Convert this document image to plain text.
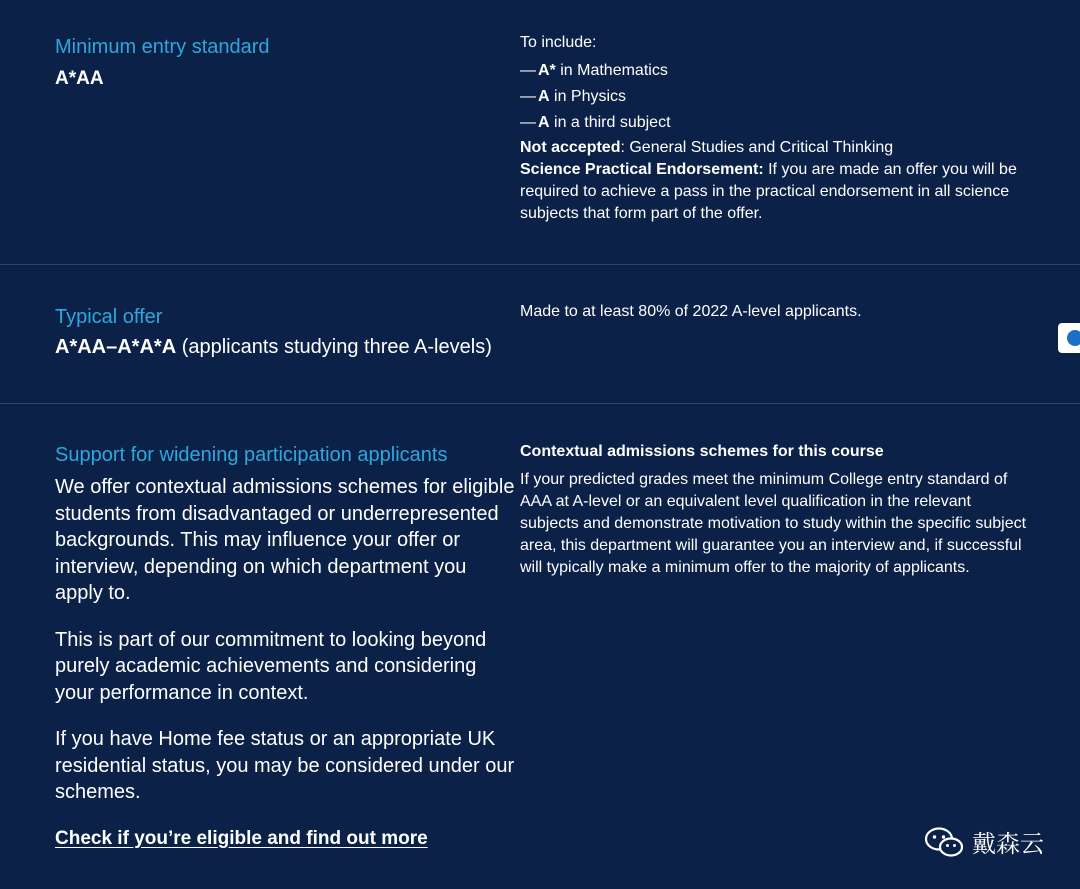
Minimum entry standard
A*AA
To include:
— A* in Mathematics
— A in Physics
— A in a third subject
Not accepted: General Studies and Critical Thinking
Science Practical Endorsement: If you are made an offer you will be required to achieve a pass in the practical endorsement in all science subjects that form part of the offer.
Typical offer
A*AA–A*A*A (applicants studying three A-levels)
Made to at least 80% of 2022 A-level applicants.
Support for widening participation applicants

We offer contextual admissions schemes for eligible students from disadvantaged or underrepresented backgrounds. This may influence your offer or interview, depending on which department you apply to.

This is part of our commitment to looking beyond purely academic achievements and considering your performance in context.

If you have Home fee status or an appropriate UK residential status, you may be considered under our schemes.

Check if you’re eligible and find out more
Contextual admissions schemes for this course
If your predicted grades meet the minimum College entry standard of AAA at A-level or an equivalent level qualification in the relevant subjects and demonstrate motivation to study within the specific subject area, this department will guarantee you an interview and, if successful will typically make a minimum offer to the majority of applicants.
戴森云
